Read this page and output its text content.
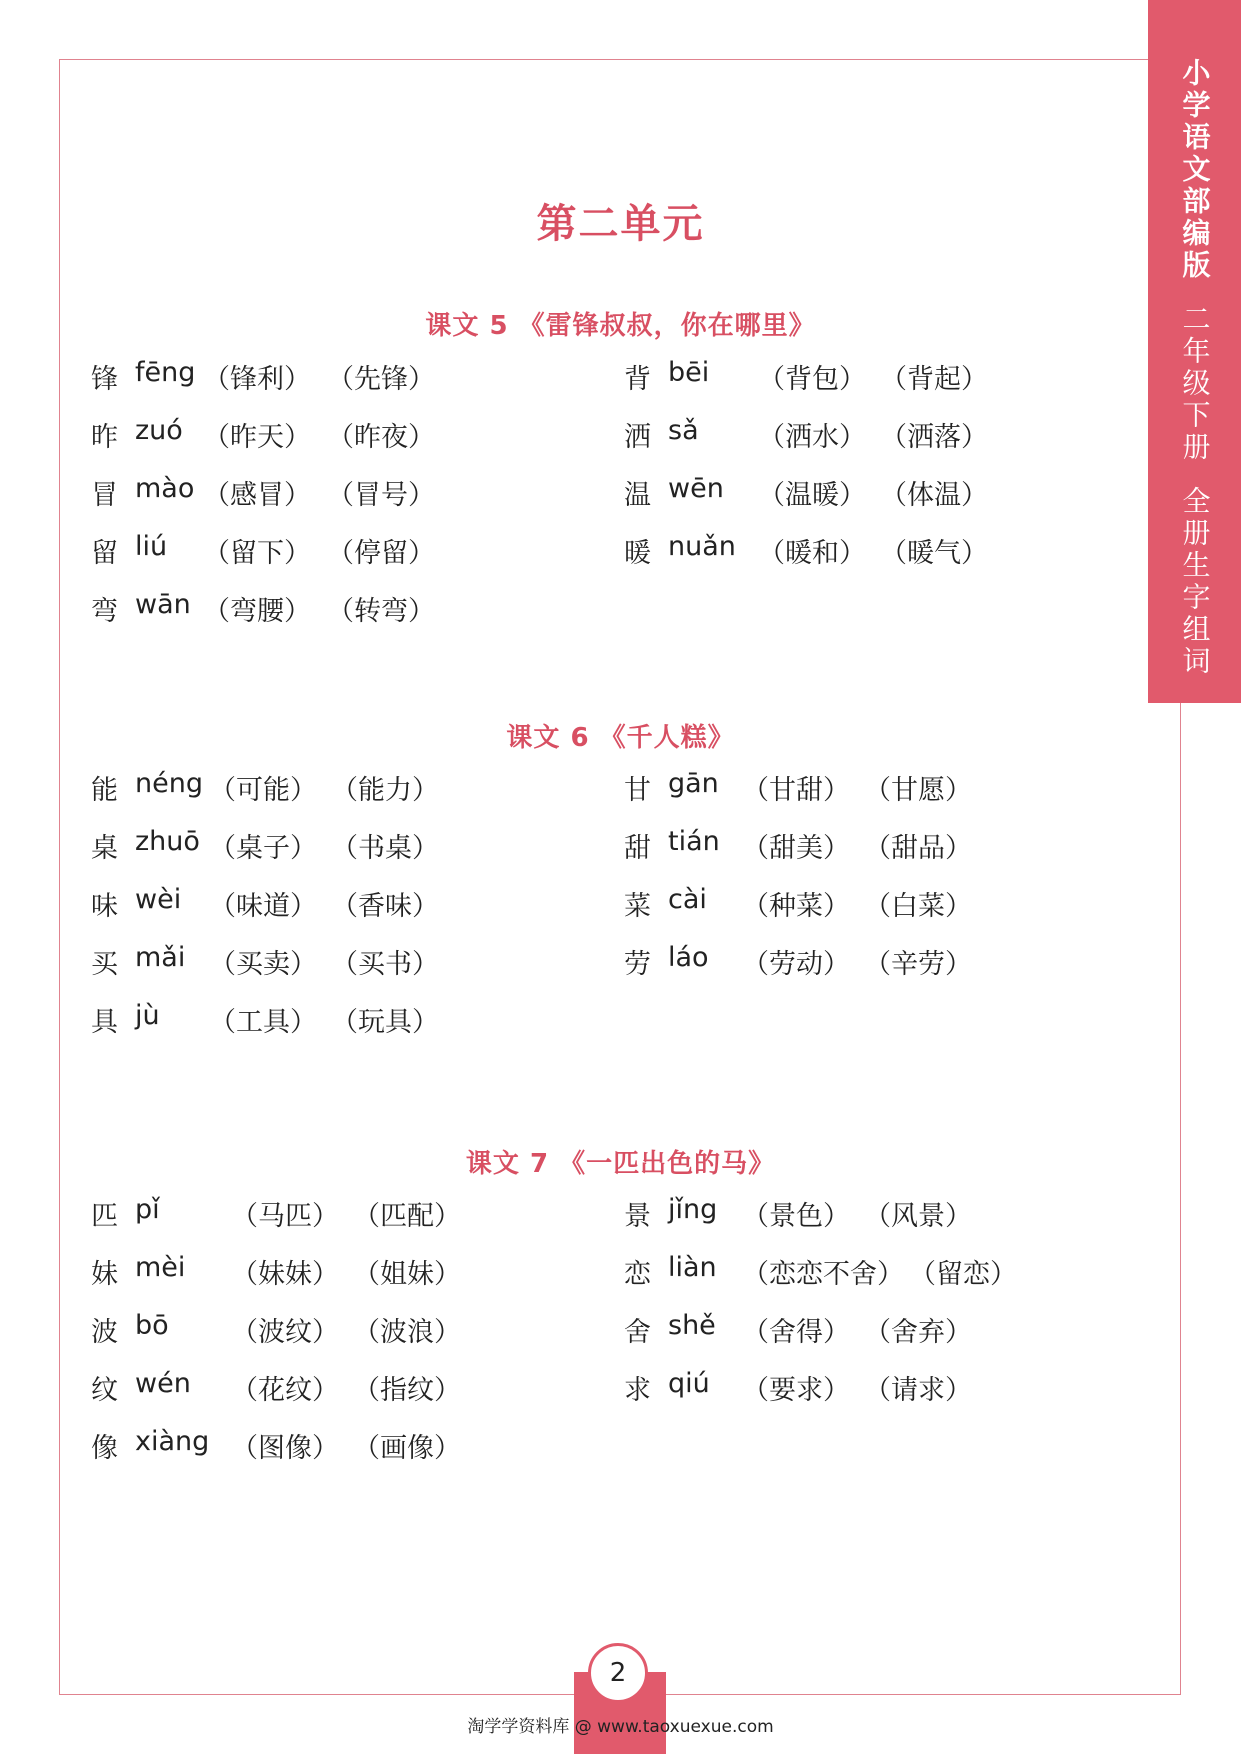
小学语文部编版
二年级下册
全册生字组词
第二单元
课文 5 《雷锋叔叔，你在哪里》
锋 fēng （锋利） （先锋）
昨 zuó （昨天） （昨夜）
冒 mào （感冒） （冒号）
留 liú （留下） （停留）
弯 wān （弯腰） （转弯）
背 bēi （背包） （背起）
洒 sǎ （洒水） （洒落）
温 wēn （温暖） （体温）
暖 nuǎn （暖和） （暖气）
课文 6 《千人糕》
能 néng （可能） （能力）
桌 zhuō （桌子） （书桌）
味 wèi （味道） （香味）
买 mǎi （买卖） （买书）
具 jù （工具） （玩具）
甘 gān （甘甜） （甘愿）
甜 tián （甜美） （甜品）
菜 cài （种菜） （白菜）
劳 láo （劳动） （辛劳）
课文 7 《一匹出色的马》
匹 pǐ	（马匹） （匹配）
妹 mèi （妹妹） （姐妹）
波 bō （波纹） （波浪）
纹 wén （花纹） （指纹）
像 xiàng （图像） （画像）
景 jǐng （景色） （风景）
恋 liàn （恋恋不舍） （留恋）
舍 shě （舍得） （舍弃）
求 qiú （要求） （请求）
2
淘学学资料库 @ www.taoxuexue.com
